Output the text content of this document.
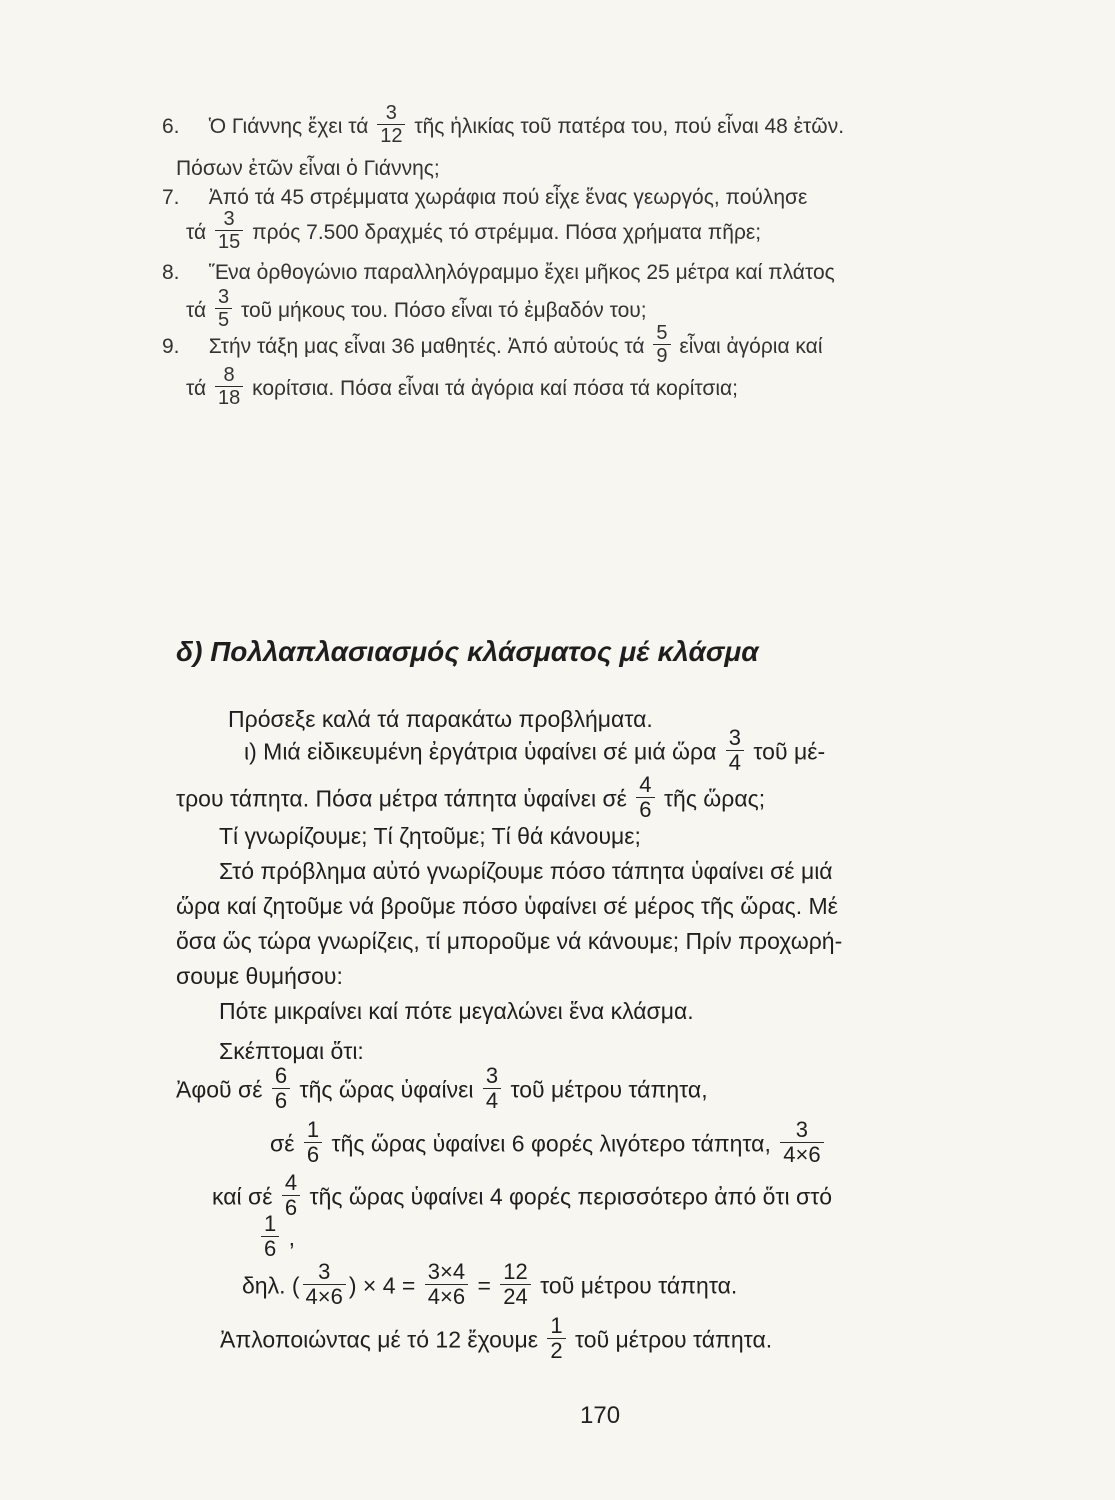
6. Ὁ Γιάννης ἔχει τά $\frac{3}{12}$ τῆς ἡλικίας τοῦ πατέρα του, πού εἶναι 48 ἐτῶν.
Πόσων ἐτῶν εἶναι ὁ Γιάννης;
7. Ἀπό τά 45 στρέμματα χωράφια πού εἶχε ἕνας γεωργός, πούλησε
τά $\frac{3}{15}$ πρός 7.500 δραχμές τό στρέμμα. Πόσα χρήματα πῆρε;
8. Ἕνα ὀρθογώνιο παραλληλόγραμμο ἔχει μῆκος 25 μέτρα καί πλάτος
τά $\frac{3}{5}$ τοῦ μήκους του. Πόσο εἶναι τό ἐμβαδόν του;
9. Στήν τάξη μας εἶναι 36 μαθητές. Ἀπό αὐτούς τά $\frac{5}{9}$ εἶναι ἀγόρια καί
τά $\frac{8}{18} \kappa o\rho ί\tau\sigma\iota\alpha$. Πόσα εἶναι τά ἀγόρια καί πόσα τά κορίτσια;
δ) Πολλαπλασιασμός κλάσματος μέ κλάσμα
Πρόσεξε καλά τά παρακάτω προβλήματα.
ι) Μιά εἰδικευμένη ἐργάτρια ὑφαίνει σέ μιά ὥρα $\frac{3}{4}$ τοῦ μέ-
τρου τάπητα. Πόσα μέτρα τάπητα ὑφαίνει σέ $\frac{4}{6}$ τῆς ὥρας;
Τί γνωρίζουμε; Τί ζητοῦμε; Τί θά κάνουμε;
Στό πρόβλημα αὐτό γνωρίζουμε πόσο τάπητα ὑφαίνει σέ μιά
ὥρα καί ζητοῦμε νά βροῦμε πόσο ὑφαίνει σέ μέρος τῆς ὥρας. Μέ
ὅσα ὥς τώρα γνωρίζεις, τί μποροῦμε νά κάνουμε; Πρίν προχωρή-
σουμε θυμήσου:
Πότε μικραίνει καί πότε μεγαλώνει ἕνα κλάσμα.
Σκέπτομαι ὅτι:
Ἀφοῦ σέ $\frac{6}{6}$ τῆς ὥρας ὑφαίνει $\frac{3}{4}$ τοῦ μέτρου τάπητα,
σέ $\frac{1}{6}$ τῆς ὥρας ὑφαίνει 6 φορές λιγότερο τάπητα, $\frac{3}{4\times 6}$
καί σέ $\frac{4}{6}$ τῆς ὥρας ὑφαίνει 4 φορές περισσότερο ἀπό ὅτι στό
$\frac{1}{6}$ ,
δηλ. ( $\frac{3}{4\times 6}$ ) × $4 = \frac{3\times 4}{4\times 6} = \frac{12}{24}$ τοῦ μέτρου τάπητα.
Ἀπλοποιώντας μέ τό 12 ἔχουμε $\frac{1}{2}$ τοῦ μέτρου τάπητα.
170
